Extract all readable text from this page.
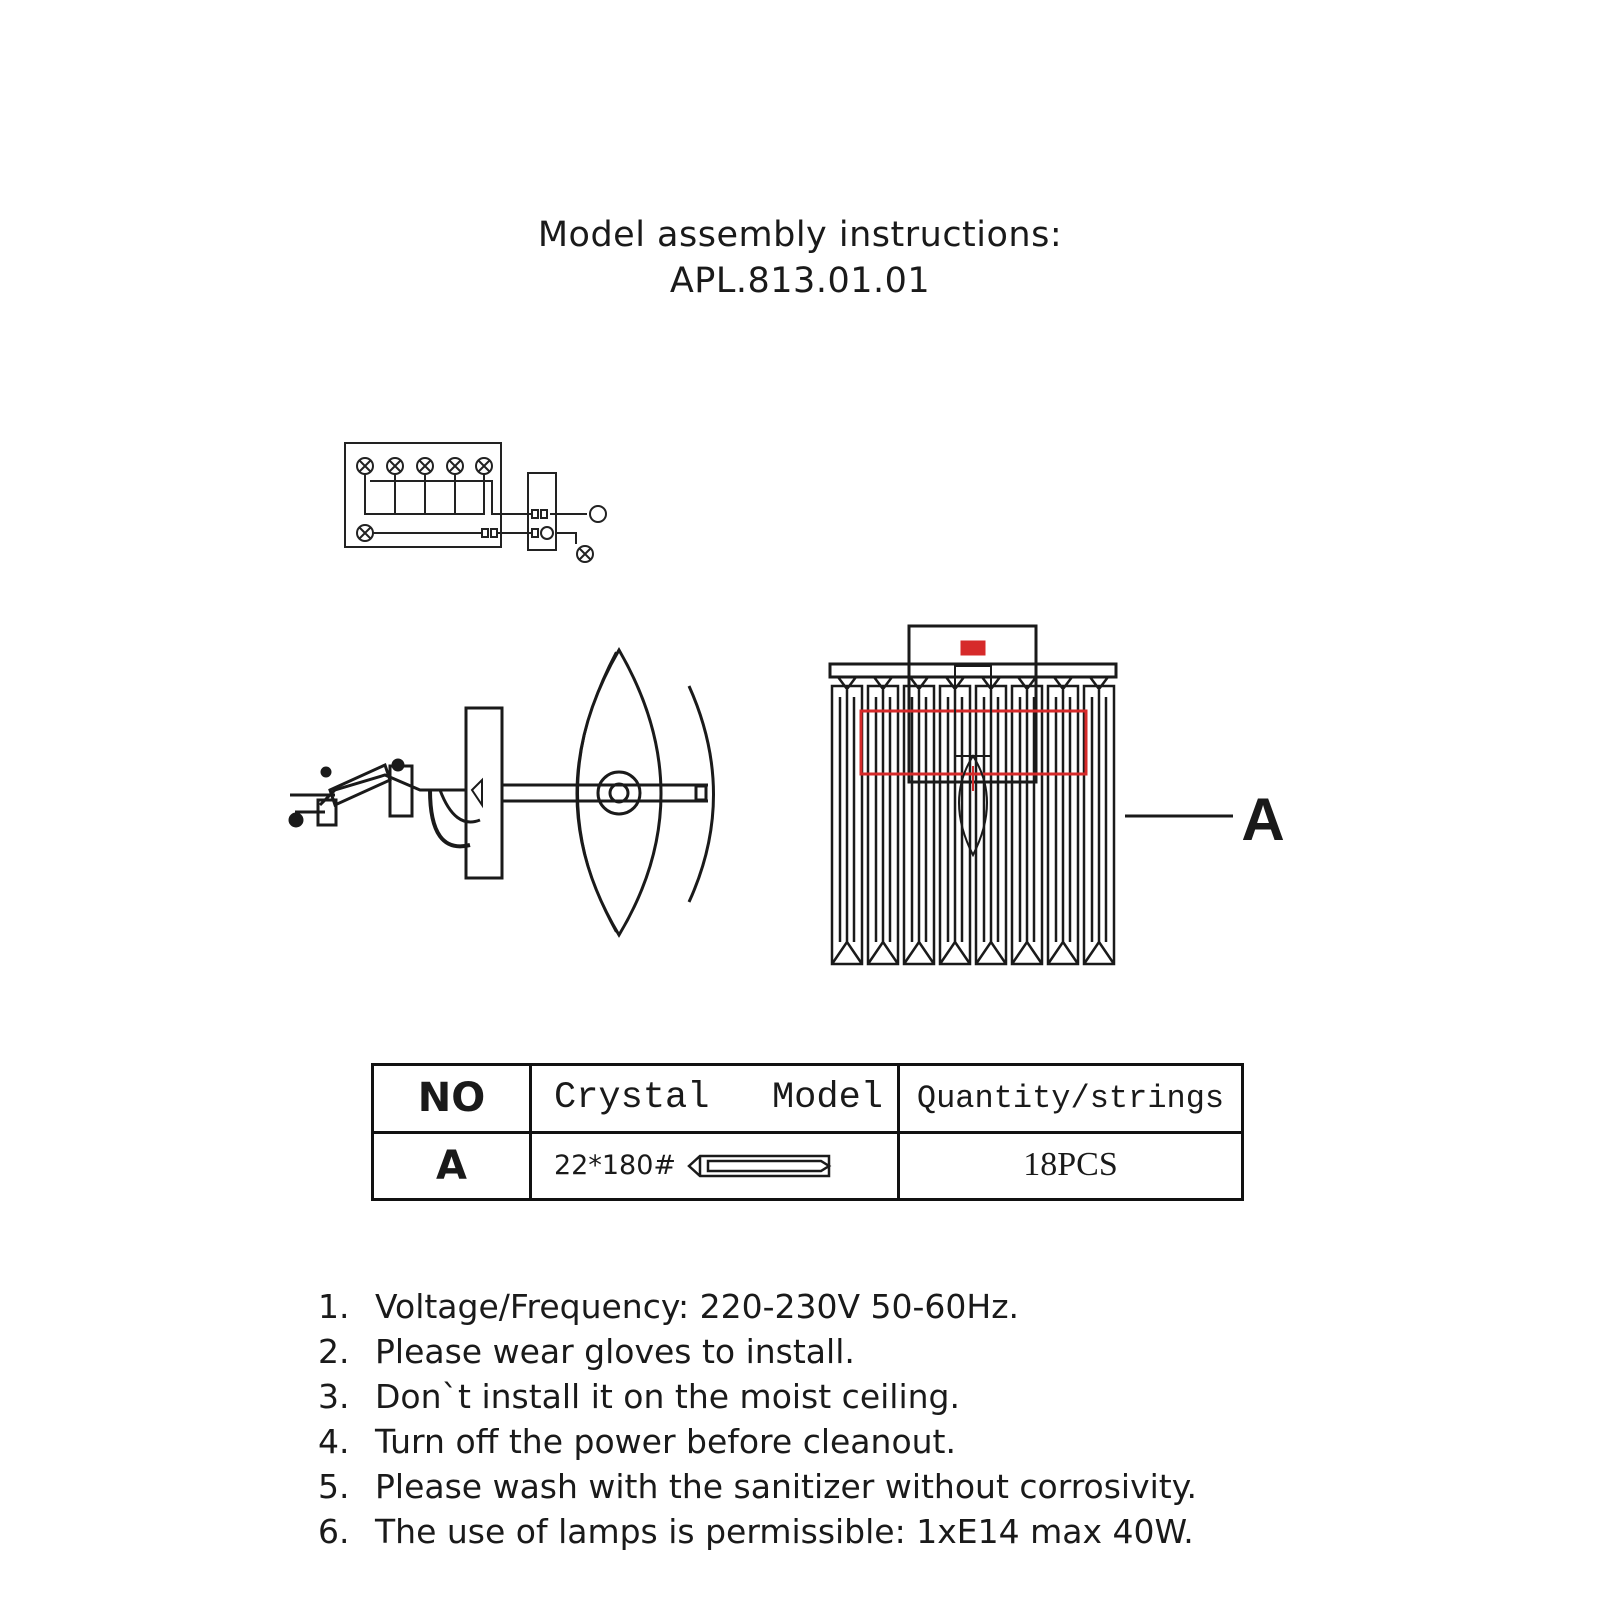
Model assembly instructions:
APL.813.01.01
A
NO	Crystal Model	Quantity/strings
A	22*180#	18PCS
1. Voltage/Frequency: 220-230V 50-60Hz.
2. Please wear gloves to install.
3. Don`t install it on the moist ceiling.
4. Turn off the power before cleanout.
5. Please wash with the sanitizer without corrosivity.
6. The use of lamps is permissible: 1xE14 max 40W.
